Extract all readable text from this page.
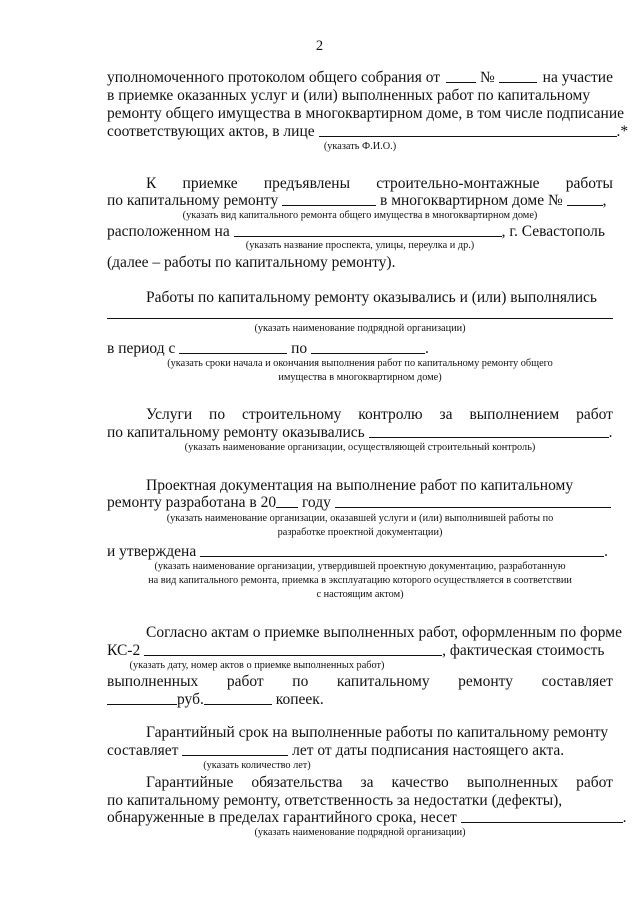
2
уполномоченного протоколом общего собрания от	№	на участие
в приемке оказанных услуг и (или) выполненных работ по капитальному
ремонту общего имущества в многоквартирном доме, в том числе подписание
соответствующих актов, в лице	.*
(указать Ф.И.О.)
К приемке предъявлены строительно-монтажные работы
по капитальному ремонту	в многоквартирном доме №	,
(указать вид капитального ремонта общего имущества в многоквартирном доме)
расположенном на	, г. Севастополь
(указать название проспекта, улицы, переулка и др.)
(далее – работы по капитальному ремонту).
Работы по капитальному ремонту оказывались и (или) выполнялись
(указать наименование подрядной организации)
в период с	по	.
(указать сроки начала и окончания выполнения работ по капитальному ремонту общего
имущества в многоквартирном доме)
Услуги по строительному контролю за выполнением работ
по капитальному ремонту оказывались	.
(указать наименование организации, осуществляющей строительный контроль)
Проектная документация на выполнение работ по капитальному
ремонту разработана в 20 году
(указать наименование организации, оказавшей услуги и (или) выполнившей работы по
разработке проектной документации)
и утверждена	.
(указать наименование организации, утвердившей проектную документацию, разработанную
на вид капитального ремонта, приемка в эксплуатацию которого осуществляется в соответствии
с настоящим актом)
Согласно актам о приемке выполненных работ, оформленным по форме
КС-2	, фактическая стоимость
(указать дату, номер актов о приемке выполненных работ)
выполненных работ по капитальному ремонту составляет
руб.	копеек.
Гарантийный срок на выполненные работы по капитальному ремонту
составляет	лет от даты подписания настоящего акта.
(указать количество лет)
Гарантийные обязательства за качество выполненных работ
по капитальному ремонту, ответственность за недостатки (дефекты),
обнаруженные в пределах гарантийного срока, несет	.
(указать наименование подрядной организации)
